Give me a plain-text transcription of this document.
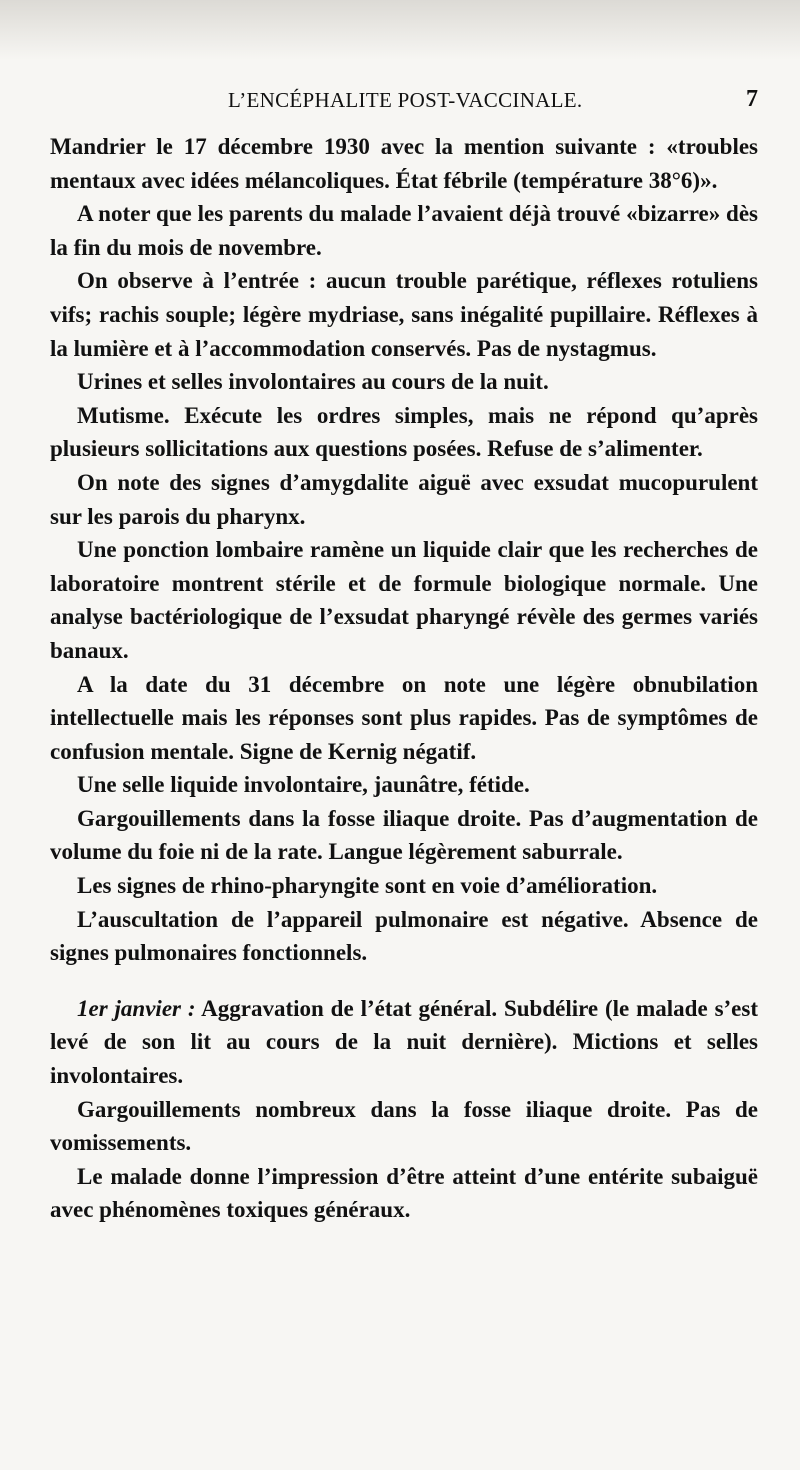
L’ENCÉPHALITE POST-VACCINALE.	7

Mandrier le 17 décembre 1930 avec la mention suivante : «troubles mentaux avec idées mélancoliques. État fébrile (température 38°6)».

A noter que les parents du malade l’avaient déjà trouvé «bizarre» dès la fin du mois de novembre.

On observe à l’entrée : aucun trouble parétique, réflexes rotuliens vifs; rachis souple; légère mydriase, sans inégalité pupillaire. Réflexes à la lumière et à l’accommodation conservés. Pas de nystagmus.

Urines et selles involontaires au cours de la nuit.

Mutisme. Exécute les ordres simples, mais ne répond qu’après plusieurs sollicitations aux questions posées. Refuse de s’alimenter.

On note des signes d’amygdalite aiguë avec exsudat mucopurulent sur les parois du pharynx.

Une ponction lombaire ramène un liquide clair que les recherches de laboratoire montrent stérile et de formule biologique normale. Une analyse bactériologique de l’exsudat pharyngé révèle des germes variés banaux.

A la date du 31 décembre on note une légère obnubilation intellectuelle mais les réponses sont plus rapides. Pas de symptômes de confusion mentale. Signe de Kernig négatif.

Une selle liquide involontaire, jaunâtre, fétide.

Gargouillements dans la fosse iliaque droite. Pas d’augmentation de volume du foie ni de la rate. Langue légèrement saburrale.

Les signes de rhino-pharyngite sont en voie d’amélioration.

L’auscultation de l’appareil pulmonaire est négative. Absence de signes pulmonaires fonctionnels.

1er janvier : Aggravation de l’état général. Subdélire (le malade s’est levé de son lit au cours de la nuit dernière). Mictions et selles involontaires.

Gargouillements nombreux dans la fosse iliaque droite. Pas de vomissements.

Le malade donne l’impression d’être atteint d’une entérite subaiguë avec phénomènes toxiques généraux.
